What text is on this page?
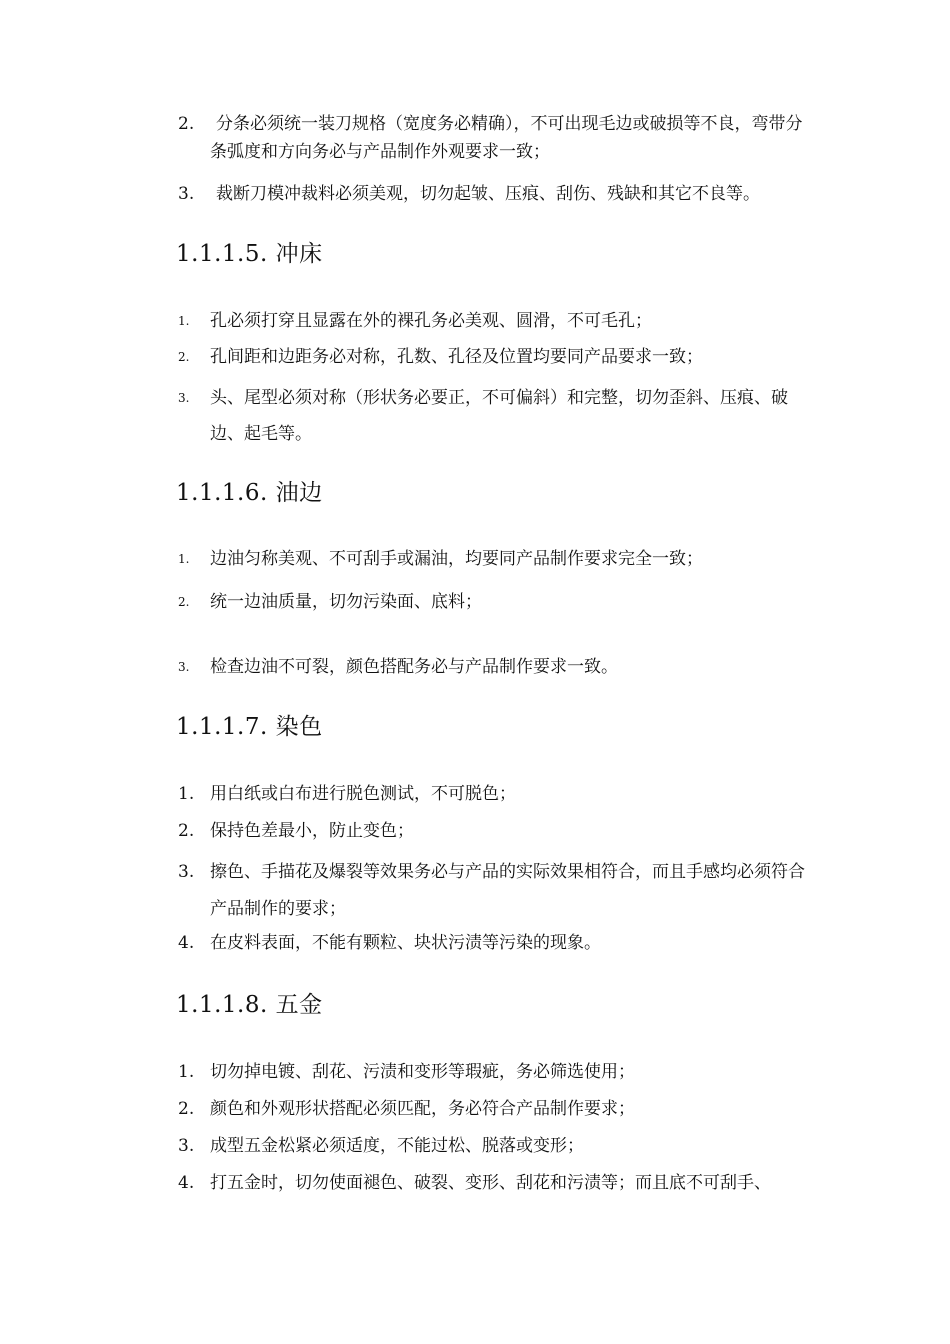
2.	分条必须统一装刀规格（宽度务必精确），不可出现毛边或破损等不良，弯带分条弧度和方向务必与产品制作外观要求一致；
3. 裁断刀模冲裁料必须美观，切勿起皱、压痕、刮伤、残缺和其它不良等。
1.1.1.5. 冲床
1. 孔必须打穿且显露在外的裸孔务必美观、圆滑，不可毛孔；
2. 孔间距和边距务必对称，孔数、孔径及位置均要同产品要求一致；
3. 头、尾型必须对称（形状务必要正，不可偏斜）和完整，切勿歪斜、压痕、破边、起毛等。
1.1.1.6. 油边
1. 边油匀称美观、不可刮手或漏油，均要同产品制作要求完全一致；
2. 统一边油质量，切勿污染面、底料；
3. 检查边油不可裂，颜色搭配务必与产品制作要求一致。
1.1.1.7. 染色
1. 用白纸或白布进行脱色测试，不可脱色；
2. 保持色差最小，防止变色；
3. 擦色、手描花及爆裂等效果务必与产品的实际效果相符合，而且手感均必须符合产品制作的要求；
4. 在皮料表面，不能有颗粒、块状污渍等污染的现象。
1.1.1.8. 五金
1. 切勿掉电镀、刮花、污渍和变形等瑕疵，务必筛选使用；
2. 颜色和外观形状搭配必须匹配，务必符合产品制作要求；
3. 成型五金松紧必须适度，不能过松、脱落或变形；
4. 打五金时，切勿使面褪色、破裂、变形、刮花和污渍等；而且底不可刮手、
